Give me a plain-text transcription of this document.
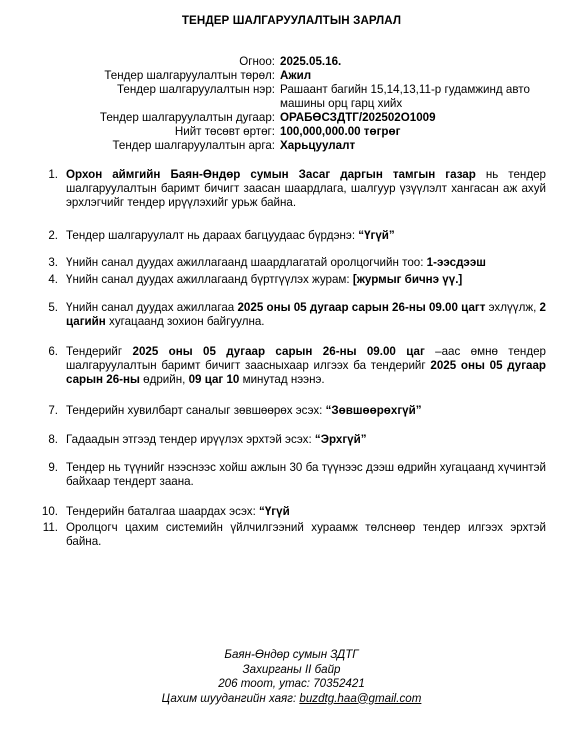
ТЕНДЕР ШАЛГАРУУЛАЛТЫН ЗАРЛАЛ
Огноо: 2025.05.16.
Тендер шалгаруулалтын төрөл: Ажил
Тендер шалгаруулалтын нэр: Рашаант багийн 15,14,13,11-р гудамжинд авто машины орц гарц хийх
Тендер шалгаруулалтын дугаар: ОРАБӨСЗДТГ/202502О1009
Нийт төсөвт өртөг: 100,000,000.00 төгрөг
Тендер шалгаруулалтын арга: Харьцуулалт
1. Орхон аймгийн Баян-Өндөр сумын Засаг даргын тамгын газар нь тендер шалгаруулалтын баримт бичигт заасан шаардлага, шалгуур үзүүлэлт хангасан аж ахуй эрхлэгчийг тендер ирүүлэхийг урьж байна.
2. Тендер шалгаруулалт нь дараах багцуудаас бүрдэнэ: “Үгүй”
3. Үнийн санал дуудах ажиллагаанд шаардлагатай оролцогчийн тоо: 1-ээсдээш
4. Үнийн санал дуудах ажиллагаанд бүртгүүлэх журам: [журмыг бичнэ үү.]
5. Үнийн санал дуудах ажиллагаа 2025 оны 05 дугаар сарын 26-ны 09.00 цагт эхлүүлж, 2 цагийн хугацаанд зохион байгуулна.
6. Тендерийг 2025 оны 05 дугаар сарын 26-ны 09.00 цаг –аас өмнө тендер шалгаруулалтын баримт бичигт заасныхаар илгээх ба тендерийг 2025 оны 05 дугаар сарын 26-ны өдрийн, 09 цаг 10 минутад нээнэ.
7. Тендерийн хувилбарт саналыг зөвшөөрөх эсэх: “Зөвшөөрөхгүй”
8. Гадаадын этгээд тендер ирүүлэх эрхтэй эсэх: “Эрхгүй”
9. Тендер нь түүнийг нээснээс хойш ажлын 30 ба түүнээс дээш өдрийн хугацаанд хүчинтэй байхаар тендерт заана.
10. Тендерийн баталгаа шаардах эсэх: “Үгүй
11. Оролцогч цахим системийн үйлчилгээний хураамж төлснөөр тендер илгээх эрхтэй байна.
Баян-Өндөр сумын ЗДТГ
Захирганы II байр
206 тоот, утас: 70352421
Цахим шуудангийн хаяг: buzdtg.haa@gmail.com
